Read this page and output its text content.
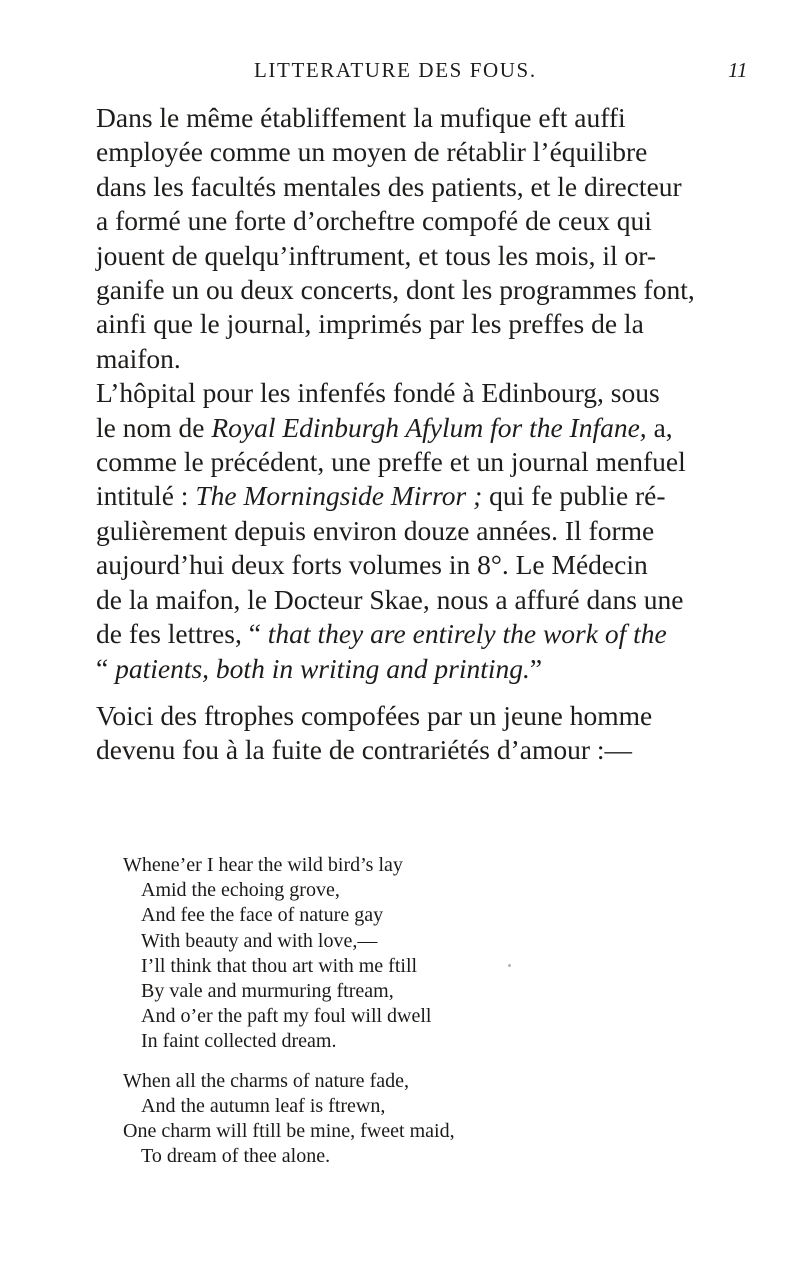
LITTERATURE DES FOUS.	11

Dans le même établiffement la mufique eft auffi
employée comme un moyen de rétablir l’équilibre
dans les facultés mentales des patients, et le directeur
a formé une forte d’orcheftre compofé de ceux qui
jouent de quelqu’inftrument, et tous les mois, il or-
ganife un ou deux concerts, dont les programmes font,
ainfi que le journal, imprimés par les preffes de la
maifon.

L’hôpital pour les infenfés fondé à Edinbourg, sous
le nom de Royal Edinburgh Afylum for the Infane, a,
comme le précédent, une preffe et un journal menfuel
intitulé : The Morningside Mirror ; qui fe publie ré-
gulièrement depuis environ douze années. Il forme
aujourd’hui deux forts volumes in 8°. Le Médecin
de la maifon, le Docteur Skae, nous a affuré dans une
de fes lettres, “ that they are entirely the work of the
“ patients, both in writing and printing.”

Voici des ftrophes compofées par un jeune homme
devenu fou à la fuite de contrariétés d’amour :—

Whene’er I hear the wild bird’s lay
Amid the echoing grove,
And fee the face of nature gay
With beauty and with love,—
I’ll think that thou art with me ftill
By vale and murmuring ftream,
And o’er the paft my foul will dwell
In faint collected dream.
When all the charms of nature fade,
And the autumn leaf is ftrewn,
One charm will ftill be mine, fweet maid,
To dream of thee alone.
